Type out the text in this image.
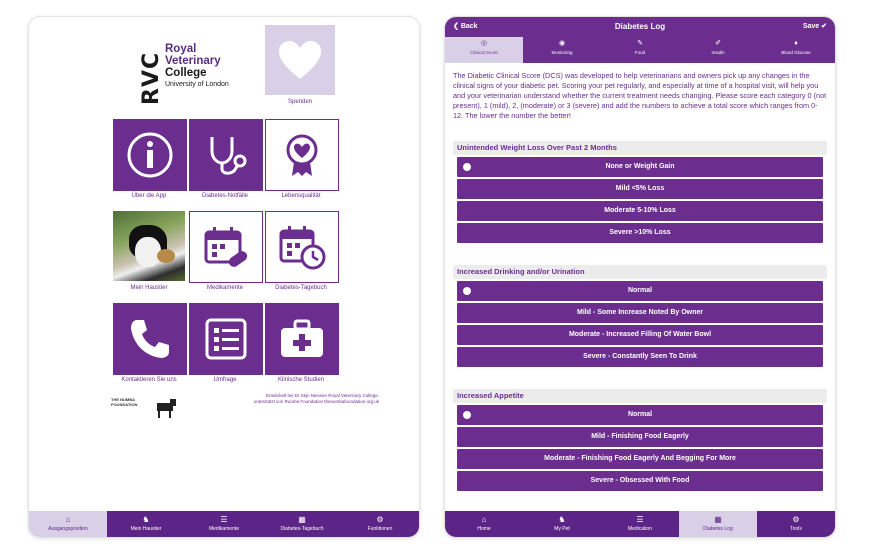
RVC
Royal
Veterinary
College
University of London
Spenden
Über die App	Diabetes-Notfälle	Lebensqualität
Mein Haustier	Medikamente	Diabetes-Tagebuch
Kontaktieren Sie uns	Umfrage	Klinische Studien
Entwickelt bei Dr Stijn Niessen Royal Veterinary College,
unterstützt von Rumba Foundation thenumbafoundation.org.uk
THE NUMBA FOUNDATION
⌂
Ausgangsposition
♞
Mein Haustier
☰
Medikamente
▦
Diabetes-Tagebuch
⚙
Funktionen
❮ Back	Diabetes Log	Save ✔
◎
Clinical Score
◉
Monitoring
✎
Food
✐
Insulin
♦
Blood Glucose
The Diabetic Clinical Score (DCS) was developed to help veterinarians and owners pick up any changes in the clinical signs of your diabetic pet. Scoring your pet regularly, and especially at time of a hospital visit, will help you and your veterinarian understand whether the current treatment needs changing. Please score each category 0 (not present), 1 (mild), 2, (moderate) or 3 (severe) and add the numbers to achieve a total score which ranges from 0-12. The lower the number the better!
Unintended Weight Loss Over Past 2 Months
None or Weight Gain
Mild <5% Loss
Moderate 5-10% Loss
Severe >10% Loss
Increased Drinking and/or Urination
Normal
Mild - Some Increase Noted By Owner
Moderate - Increased Filling Of Water Bowl
Severe - Constantly Seen To Drink
Increased Appetite
Normal
Mild - Finishing Food Eagerly
Moderate - Finishing Food Eagerly And Begging For More
Severe - Obsessed With Food
⌂
Home
♞
My Pet
☰
Medication
▦
Diabetes Log
⚙
Tools
